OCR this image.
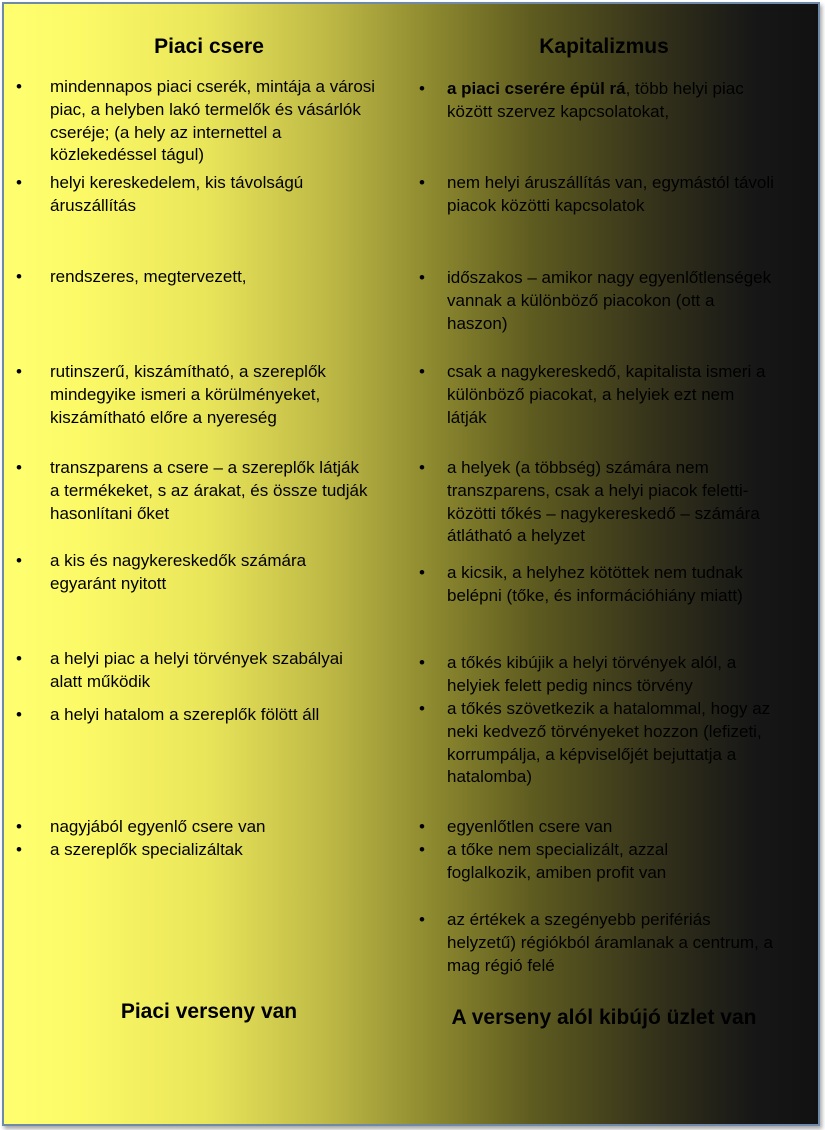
Piaci csere	Kapitalizmus
• mindennapos piaci cserék, mintája a városi piac, a helyben lakó termelők és vásárlók cseréje; (a hely az internettel a közlekedéssel tágul)
• helyi kereskedelem, kis távolságú áruszállítás
• rendszeres, megtervezett,
• rutinszerű, kiszámítható, a szereplők mindegyike ismeri a körülményeket, kiszámítható előre a nyereség
• transzparens a csere – a szereplők látják a termékeket, s az árakat, és össze tudják hasonlítani őket
• a kis és nagykereskedők számára egyaránt nyitott
• a helyi piac a helyi törvények szabályai alatt működik
• a helyi hatalom a szereplők fölött áll
• nagyjából egyenlő csere van
• a szereplők specializáltak
• a piaci cserére épül rá, több helyi piac között szervez kapcsolatokat,
• nem helyi áruszállítás van, egymástól távoli piacok közötti kapcsolatok
• időszakos – amikor nagy egyenlőtlenségek vannak a különböző piacokon (ott a haszon)
• csak a nagykereskedő, kapitalista ismeri a különböző piacokat, a helyiek ezt nem látják
• a helyek (a többség) számára nem transzparens, csak a helyi piacok feletti- közötti tőkés – nagykereskedő – számára átlátható a helyzet
• a kicsik, a helyhez kötöttek nem tudnak belépni (tőke, és információhiány miatt)
• a tőkés kibújik a helyi törvények alól, a helyiek felett pedig nincs törvény
• a tőkés szövetkezik a hatalommal, hogy az neki kedvező törvényeket hozzon (lefizeti, korrumpálja, a képviselőjét bejuttatja a hatalomba)
• egyenlőtlen csere van
• a tőke nem specializált, azzal foglalkozik, amiben profit van
• az értékek a szegényebb perifériás helyzetű) régiókból áramlanak a centrum, a mag régió felé
Piaci verseny van	A verseny alól kibújó üzlet van
